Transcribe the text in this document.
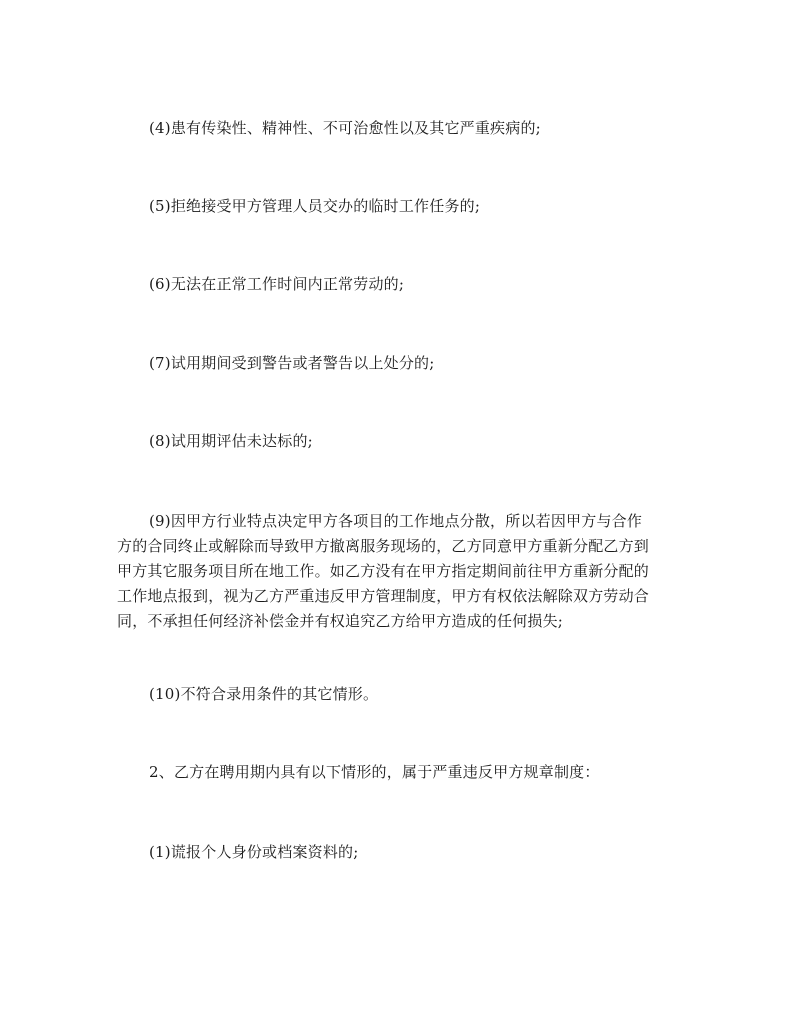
(4)患有传染性、精神性、不可治愈性以及其它严重疾病的;

(5)拒绝接受甲方管理人员交办的临时工作任务的;

(6)无法在正常工作时间内正常劳动的;

(7)试用期间受到警告或者警告以上处分的;

(8)试用期评估未达标的;

(9)因甲方行业特点决定甲方各项目的工作地点分散，所以若因甲方与合作方的合同终止或解除而导致甲方撤离服务现场的，乙方同意甲方重新分配乙方到甲方其它服务项目所在地工作。如乙方没有在甲方指定期间前往甲方重新分配的工作地点报到，视为乙方严重违反甲方管理制度，甲方有权依法解除双方劳动合同，不承担任何经济补偿金并有权追究乙方给甲方造成的任何损失;

(10)不符合录用条件的其它情形。

2、乙方在聘用期内具有以下情形的，属于严重违反甲方规章制度：

(1)谎报个人身份或档案资料的;
